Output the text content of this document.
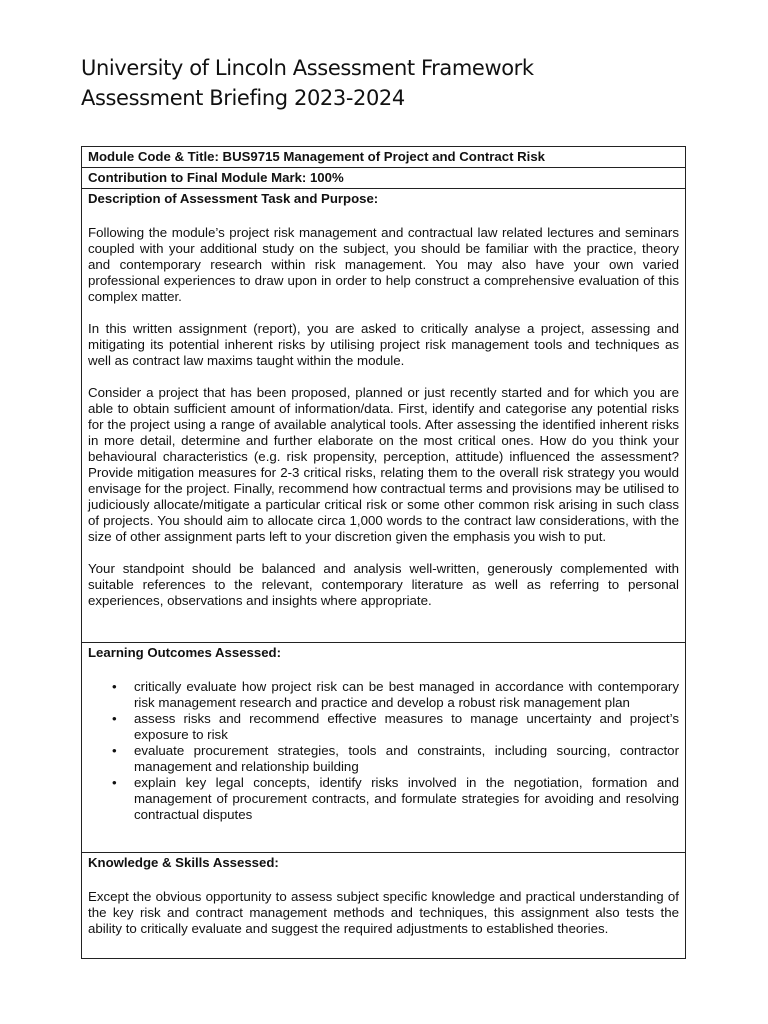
University of Lincoln Assessment Framework
Assessment Briefing 2023-2024
Module Code & Title: BUS9715 Management of Project and Contract Risk
Contribution to Final Module Mark: 100%
Description of Assessment Task and Purpose:

Following the module’s project risk management and contractual law related lectures and seminars coupled with your additional study on the subject, you should be familiar with the practice, theory and contemporary research within risk management. You may also have your own varied professional experiences to draw upon in order to help construct a comprehensive evaluation of this complex matter.

In this written assignment (report), you are asked to critically analyse a project, assessing and mitigating its potential inherent risks by utilising project risk management tools and techniques as well as contract law maxims taught within the module.

Consider a project that has been proposed, planned or just recently started and for which you are able to obtain sufficient amount of information/data. First, identify and categorise any potential risks for the project using a range of available analytical tools. After assessing the identified inherent risks in more detail, determine and further elaborate on the most critical ones. How do you think your behavioural characteristics (e.g. risk propensity, perception, attitude) influenced the assessment? Provide mitigation measures for 2-3 critical risks, relating them to the overall risk strategy you would envisage for the project. Finally, recommend how contractual terms and provisions may be utilised to judiciously allocate/mitigate a particular critical risk or some other common risk arising in such class of projects. You should aim to allocate circa 1,000 words to the contract law considerations, with the size of other assignment parts left to your discretion given the emphasis you wish to put.

Your standpoint should be balanced and analysis well-written, generously complemented with suitable references to the relevant, contemporary literature as well as referring to personal experiences, observations and insights where appropriate.

Learning Outcomes Assessed:
• critically evaluate how project risk can be best managed in accordance with contemporary risk management research and practice and develop a robust risk management plan
• assess risks and recommend effective measures to manage uncertainty and project’s exposure to risk
• evaluate procurement strategies, tools and constraints, including sourcing, contractor management and relationship building
• explain key legal concepts, identify risks involved in the negotiation, formation and management of procurement contracts, and formulate strategies for avoiding and resolving contractual disputes
Knowledge & Skills Assessed:

Except the obvious opportunity to assess subject specific knowledge and practical understanding of the key risk and contract management methods and techniques, this assignment also tests the ability to critically evaluate and suggest the required adjustments to established theories.
